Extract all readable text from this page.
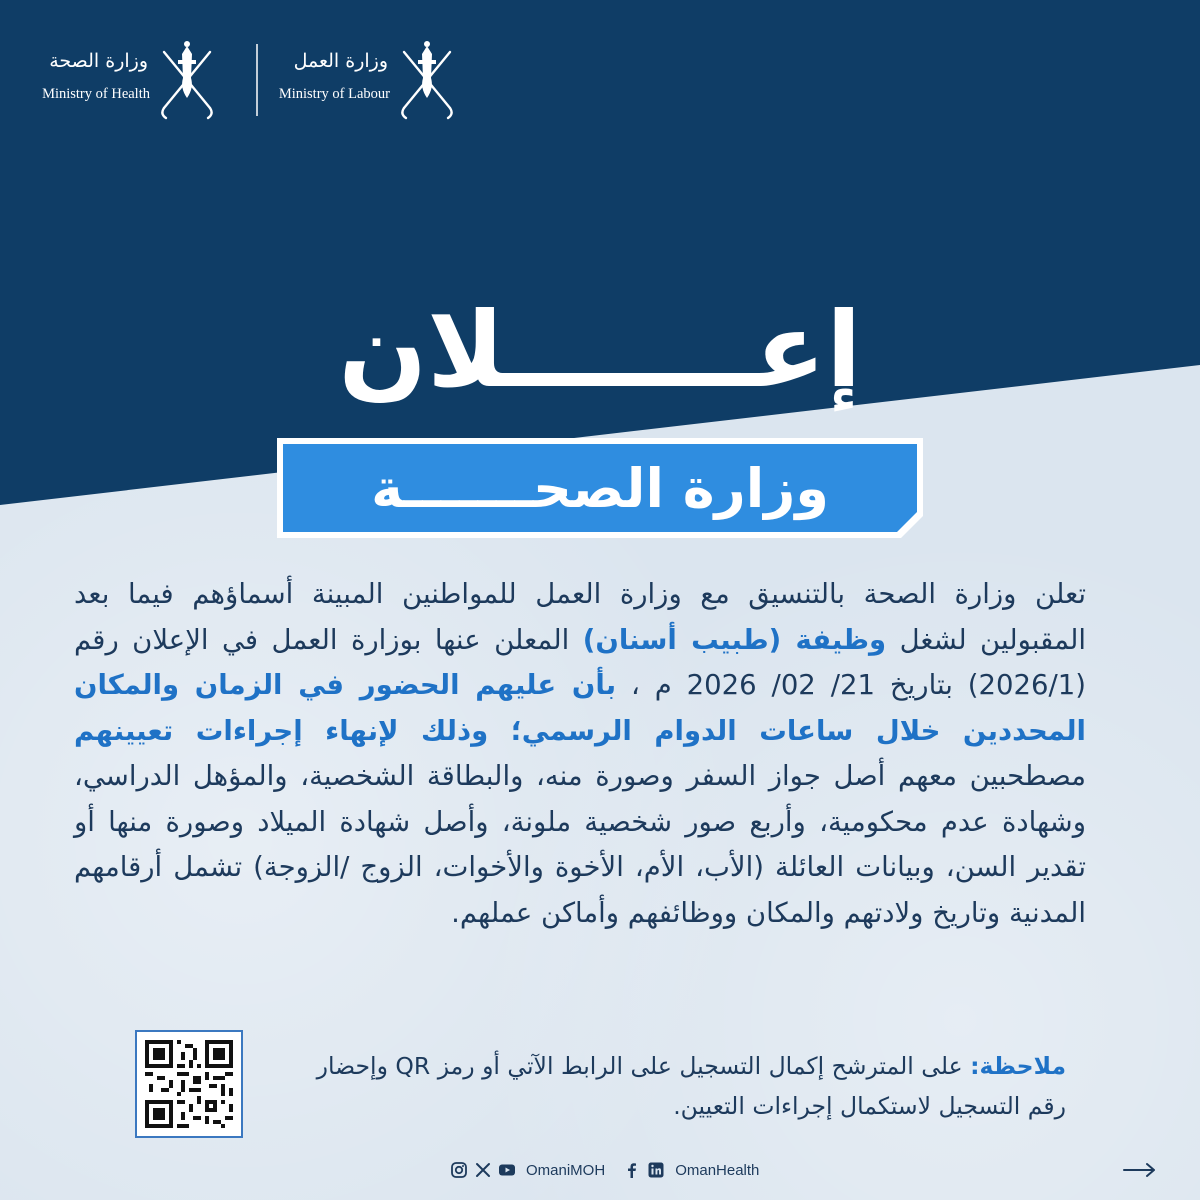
وزارة الصحة
Ministry of Health
وزارة العمل
Ministry of Labour
إعـــــــلان
وزارة الصحـــــــة
تعلن وزارة الصحة بالتنسيق مع وزارة العمل للمواطنين المبينة أسماؤهم فيما بعد المقبولين لشغل وظيفة (طبيب أسنان) المعلن عنها بوزارة العمل في الإعلان رقم (2026/1) بتاريخ 21/ 02/ 2026 م ، بأن عليهم الحضور في الزمان والمكان المحددين خلال ساعات الدوام الرسمي؛ وذلك لإنهاء إجراءات تعيينهم مصطحبين معهم أصل جواز السفر وصورة منه، والبطاقة الشخصية، والمؤهل الدراسي، وشهادة عدم محكومية، وأربع صور شخصية ملونة، وأصل شهادة الميلاد وصورة منها أو تقدير السن، وبيانات العائلة (الأب، الأم، الأخوة والأخوات، الزوج /الزوجة) تشمل أرقامهم المدنية وتاريخ ولادتهم والمكان ووظائفهم وأماكن عملهم.
ملاحظة: على المترشح إكمال التسجيل على الرابط الآتي أو رمز QR وإحضار رقم التسجيل لاستكمال إجراءات التعيين.
OmaniMOH	OmanHealth
